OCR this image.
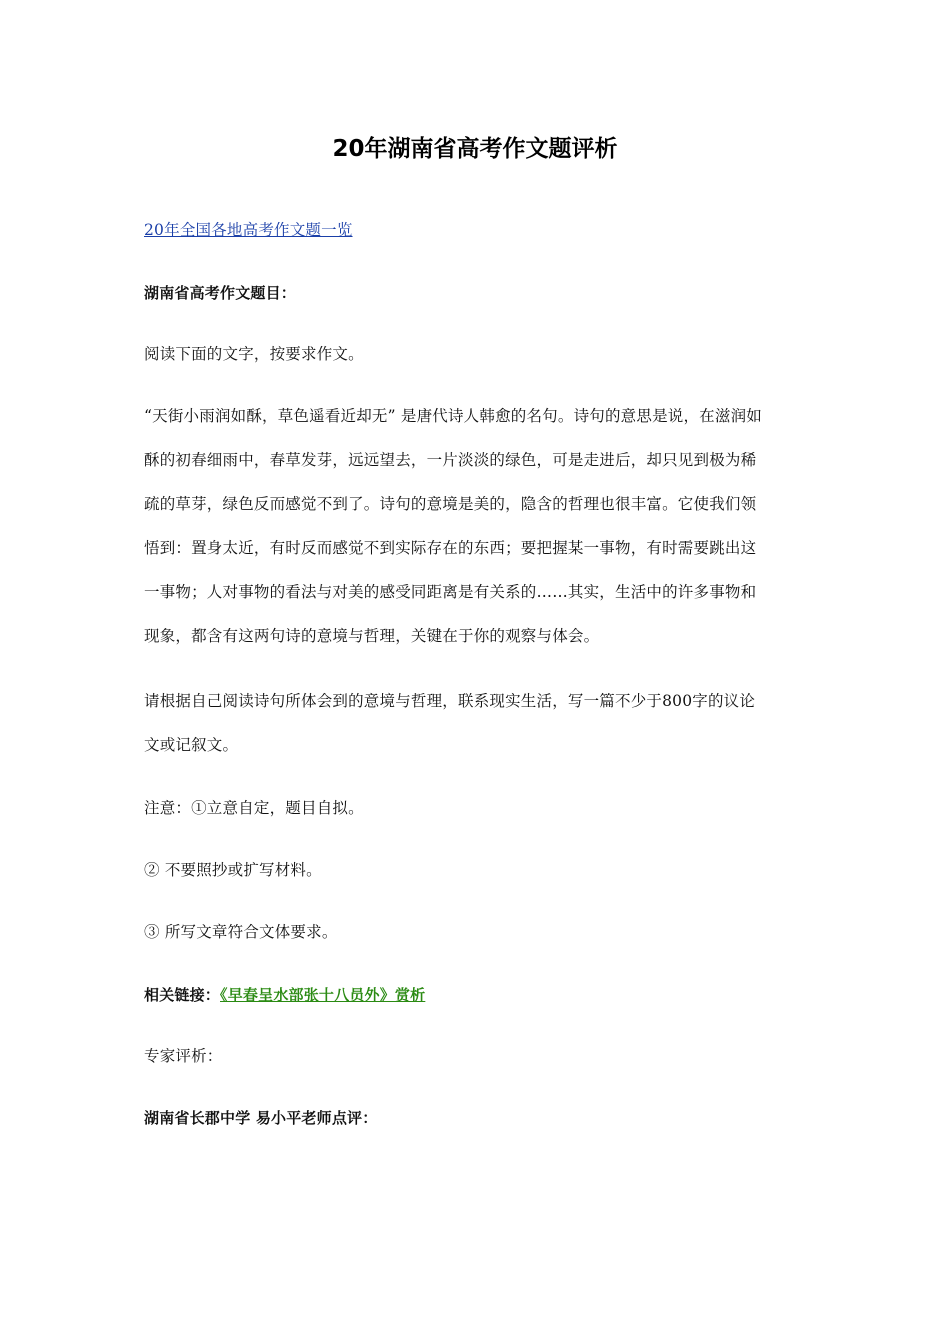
20年湖南省高考作文题评析

20年全国各地高考作文题一览

湖南省高考作文题目：

阅读下面的文字，按要求作文。

“天街小雨润如酥，草色遥看近却无” 是唐代诗人韩愈的名句。诗句的意思是说，在滋润如
酥的初春细雨中，春草发芽，远远望去，一片淡淡的绿色，可是走进后，却只见到极为稀
疏的草芽，绿色反而感觉不到了。诗句的意境是美的，隐含的哲理也很丰富。它使我们领
悟到：置身太近，有时反而感觉不到实际存在的东西；要把握某一事物，有时需要跳出这
一事物；人对事物的看法与对美的感受同距离是有关系的……其实，生活中的许多事物和
现象，都含有这两句诗的意境与哲理，关键在于你的观察与体会。
请根据自己阅读诗句所体会到的意境与哲理，联系现实生活，写一篇不少于800字的议论
文或记叙文。

注意：①立意自定，题目自拟。

② 不要照抄或扩写材料。

③ 所写文章符合文体要求。

相关链接：《早春呈水部张十八员外》赏析

专家评析：

湖南省长郡中学 易小平老师点评：
